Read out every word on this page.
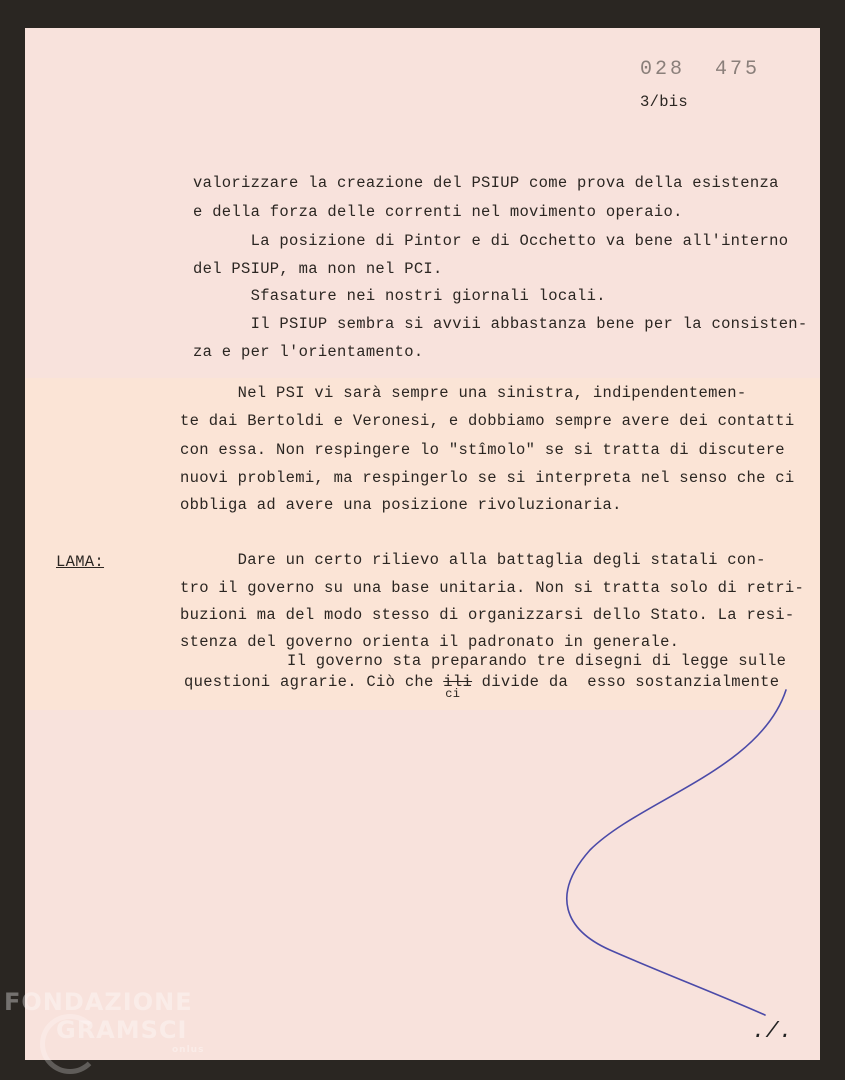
028  475

3/bis

valorizzare la creazione del PSIUP come prova della esistenza

e della forza delle correnti nel movimento operaio.

La posizione di Pintor e di Occhetto va bene all'interno

del PSIUP, ma non nel PCI.

Sfasature nei nostri giornali locali.

Il PSIUP sembra si avvii abbastanza bene per la consisten-

za e per l'orientamento.

Nel PSI vi sarà sempre una sinistra, indipendentemen-

te dai Bertoldi e Veronesi, e dobbiamo sempre avere dei contatti

con essa. Non respingere lo "stîmolo" se si tratta di discutere

nuovi problemi, ma respingerlo se si interpreta nel senso che ci

obbliga ad avere una posizione rivoluzionaria.

LAMA:	Dare un certo rilievo alla battaglia degli statali con-

tro il governo su una base unitaria. Non si tratta solo di retri-

buzioni ma del modo stesso di organizzarsi dello Stato. La resi-

stenza del governo orienta il padronato in generale.

Il governo sta preparando tre disegni di legge sulle

questioni agrarie. Ciò che ili
ci
divide da  esso sostanzialmente

./.

FONDAZIONE
GRAMSCI
onlus
